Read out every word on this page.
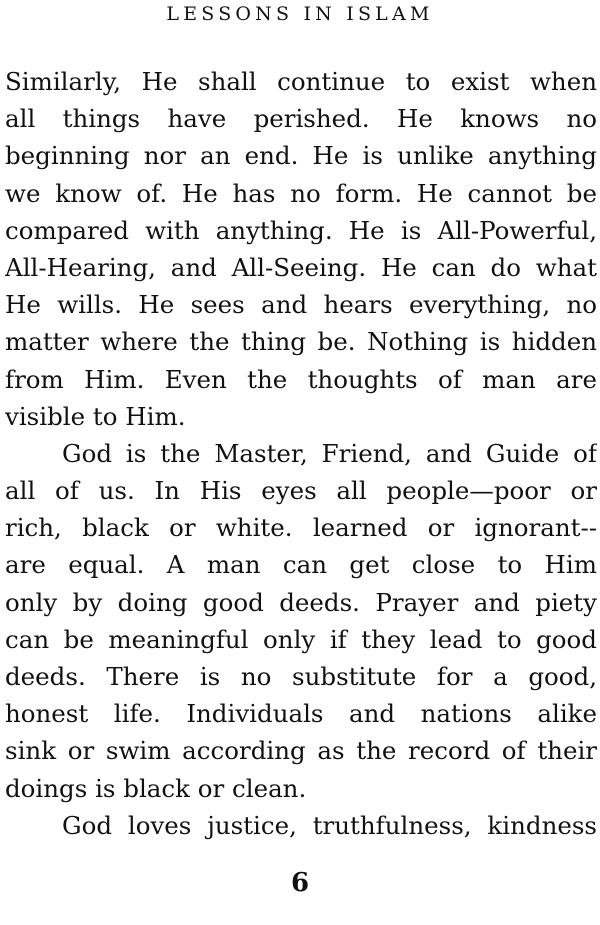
LESSONS IN ISLAM
Similarly, He shall continue to exist when
all things have perished. He knows no
beginning nor an end. He is unlike anything
we know of. He has no form. He cannot be
compared with anything. He is All-Powerful,
All-Hearing, and All-Seeing. He can do what
He wills. He sees and hears everything, no
matter where the thing be. Nothing is hidden
from Him. Even the thoughts of man are
visible to Him.
God is the Master, Friend, and Guide of
all of us. In His eyes all people—poor or
rich, black or white. learned or ignorant--
are equal. A man can get close to Him
only by doing good deeds. Prayer and piety
can be meaningful only if they lead to good
deeds. There is no substitute for a good,
honest life. Individuals and nations alike
sink or swim according as the record of their
doings is black or clean.
God loves justice, truthfulness, kindness
6
